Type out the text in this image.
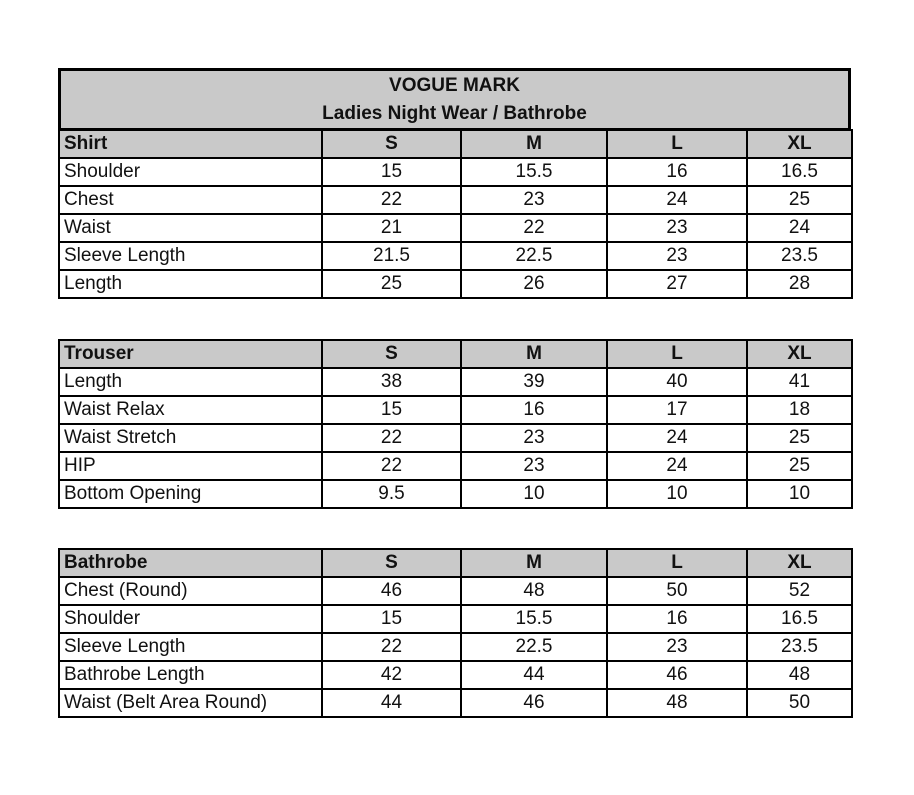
VOGUE MARK
Ladies Night Wear / Bathrobe
Shirt	S	M	L	XL
Shoulder	15	15.5	16	16.5
Chest	22	23	24	25
Waist	21	22	23	24
Sleeve Length	21.5	22.5	23	23.5
Length	25	26	27	28
Trouser	S	M	L	XL
Length	38	39	40	41
Waist Relax	15	16	17	18
Waist Stretch	22	23	24	25
HIP	22	23	24	25
Bottom Opening	9.5	10	10	10
Bathrobe	S	M	L	XL
Chest (Round)	46	48	50	52
Shoulder	15	15.5	16	16.5
Sleeve Length	22	22.5	23	23.5
Bathrobe Length	42	44	46	48
Waist (Belt Area Round)	44	46	48	50
